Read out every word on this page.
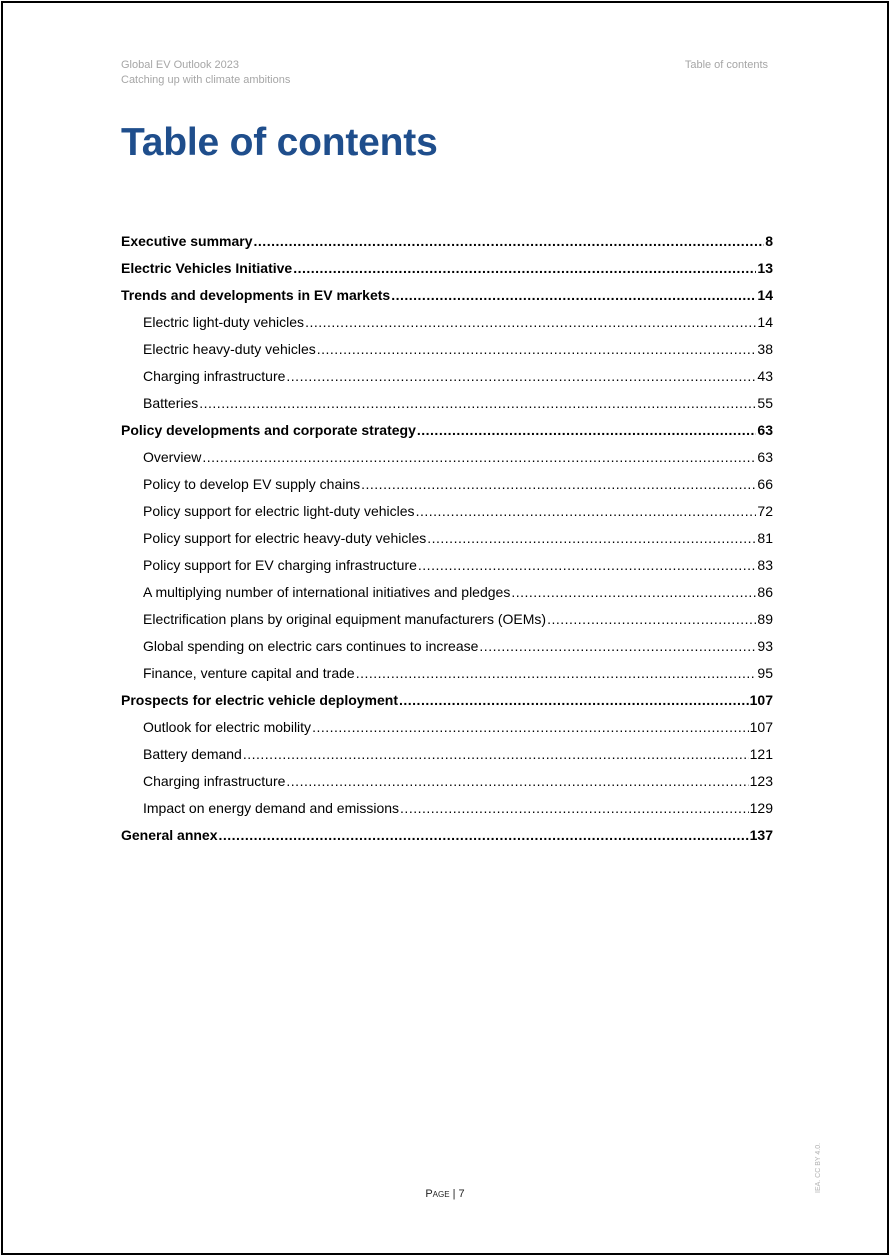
Global EV Outlook 2023
Catching up with climate ambitions
Table of contents
Table of contents
Executive summary .....	8
Electric Vehicles Initiative .....	13
Trends and developments in EV markets .....	14
Electric light-duty vehicles .....	14
Electric heavy-duty vehicles .....	38
Charging infrastructure .....	43
Batteries .....	55
Policy developments and corporate strategy .....	63
Overview .....	63
Policy to develop EV supply chains .....	66
Policy support for electric light-duty vehicles .....	72
Policy support for electric heavy-duty vehicles .....	81
Policy support for EV charging infrastructure .....	83
A multiplying number of international initiatives and pledges .....	86
Electrification plans by original equipment manufacturers (OEMs) .....	89
Global spending on electric cars continues to increase .....	93
Finance, venture capital and trade .....	95
Prospects for electric vehicle deployment .....	107
Outlook for electric mobility .....	107
Battery demand .....	121
Charging infrastructure .....	123
Impact on energy demand and emissions .....	129
General annex .....	137
Page | 7
IEA. CC BY 4.0.
